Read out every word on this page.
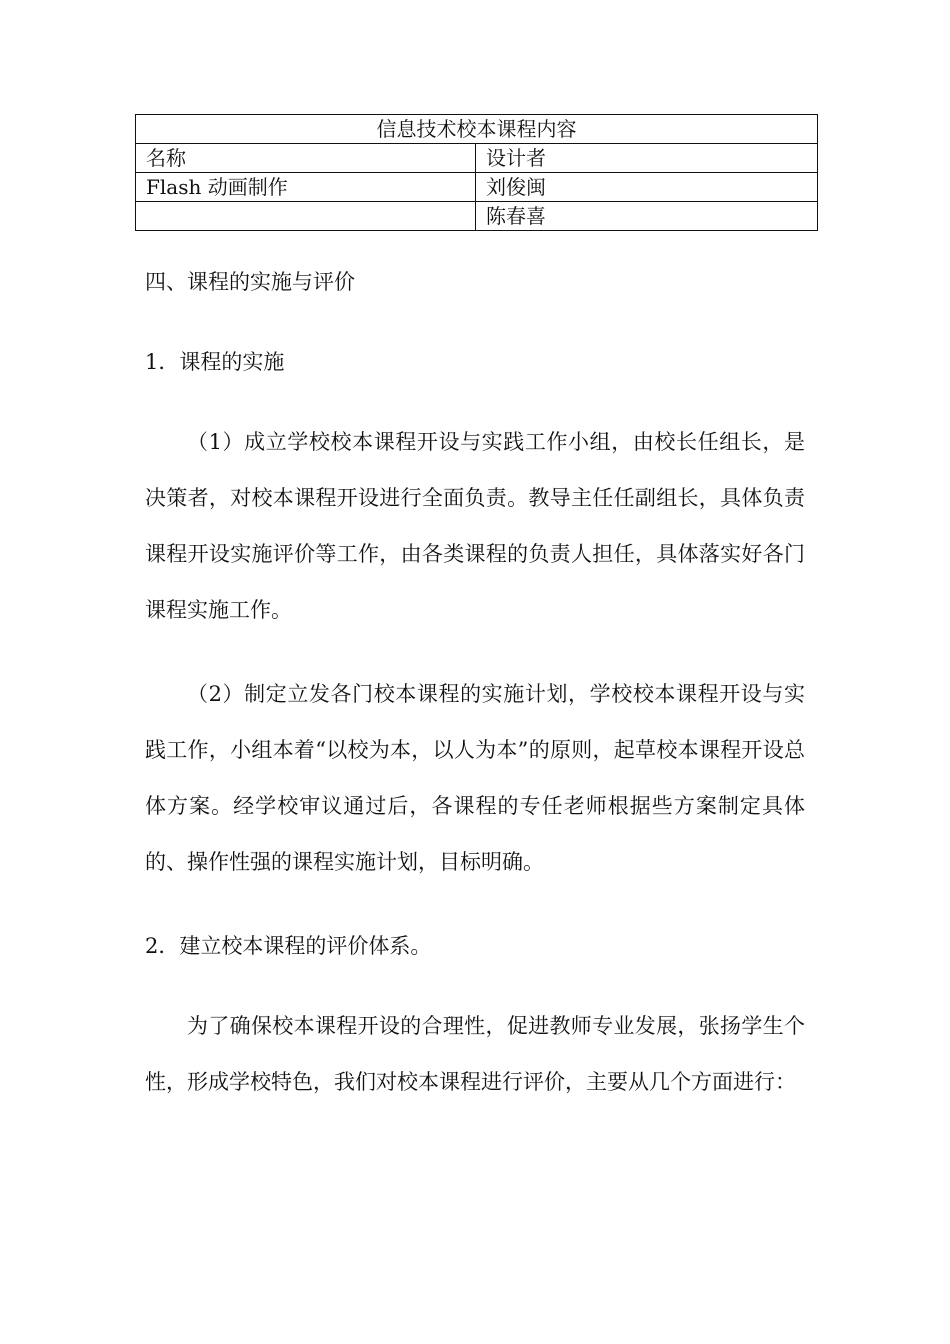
信息技术校本课程内容	
名称	设计者
Flash 动画制作	刘俊闽
	陈春喜

四、课程的实施与评价

1．课程的实施

（1）成立学校校本课程开设与实践工作小组，由校长任组长，是决策者，对校本课程开设进行全面负责。教导主任任副组长，具体负责课程开设实施评价等工作，由各类课程的负责人担任，具体落实好各门课程实施工作。

（2）制定立发各门校本课程的实施计划，学校校本课程开设与实践工作，小组本着“以校为本，以人为本”的原则，起草校本课程开设总体方案。经学校审议通过后，各课程的专任老师根据些方案制定具体的、操作性强的课程实施计划，目标明确。

2．建立校本课程的评价体系。

为了确保校本课程开设的合理性，促进教师专业发展，张扬学生个性，形成学校特色，我们对校本课程进行评价，主要从几个方面进行：
